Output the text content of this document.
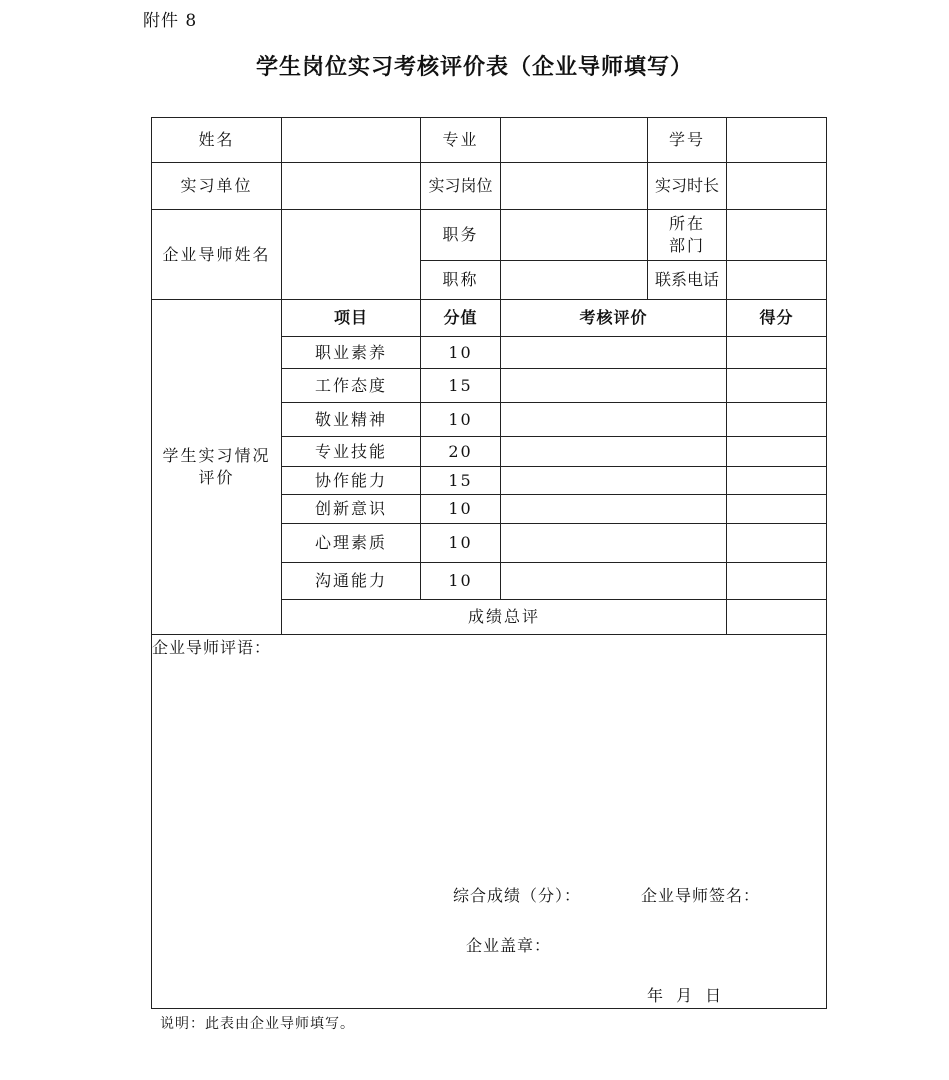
附件 8
学生岗位实习考核评价表（企业导师填写）
姓名		专业		学号	
实习单位		实习岗位		实习时长	
企业导师姓名		职务		所在部门	
		职称		联系电话	
学生实习情况评价	项目	分值	考核评价		得分
	职业素养	10			
	工作态度	15			
	敬业精神	10			
	专业技能	20			
	协作能力	15			
	创新意识	10			
	心理素质	10			
	沟通能力	10			
	成绩总评				

企业导师评语：
综合成绩（分）： 企业导师签名：
企业盖章：
年 月 日					
说明：此表由企业导师填写。
